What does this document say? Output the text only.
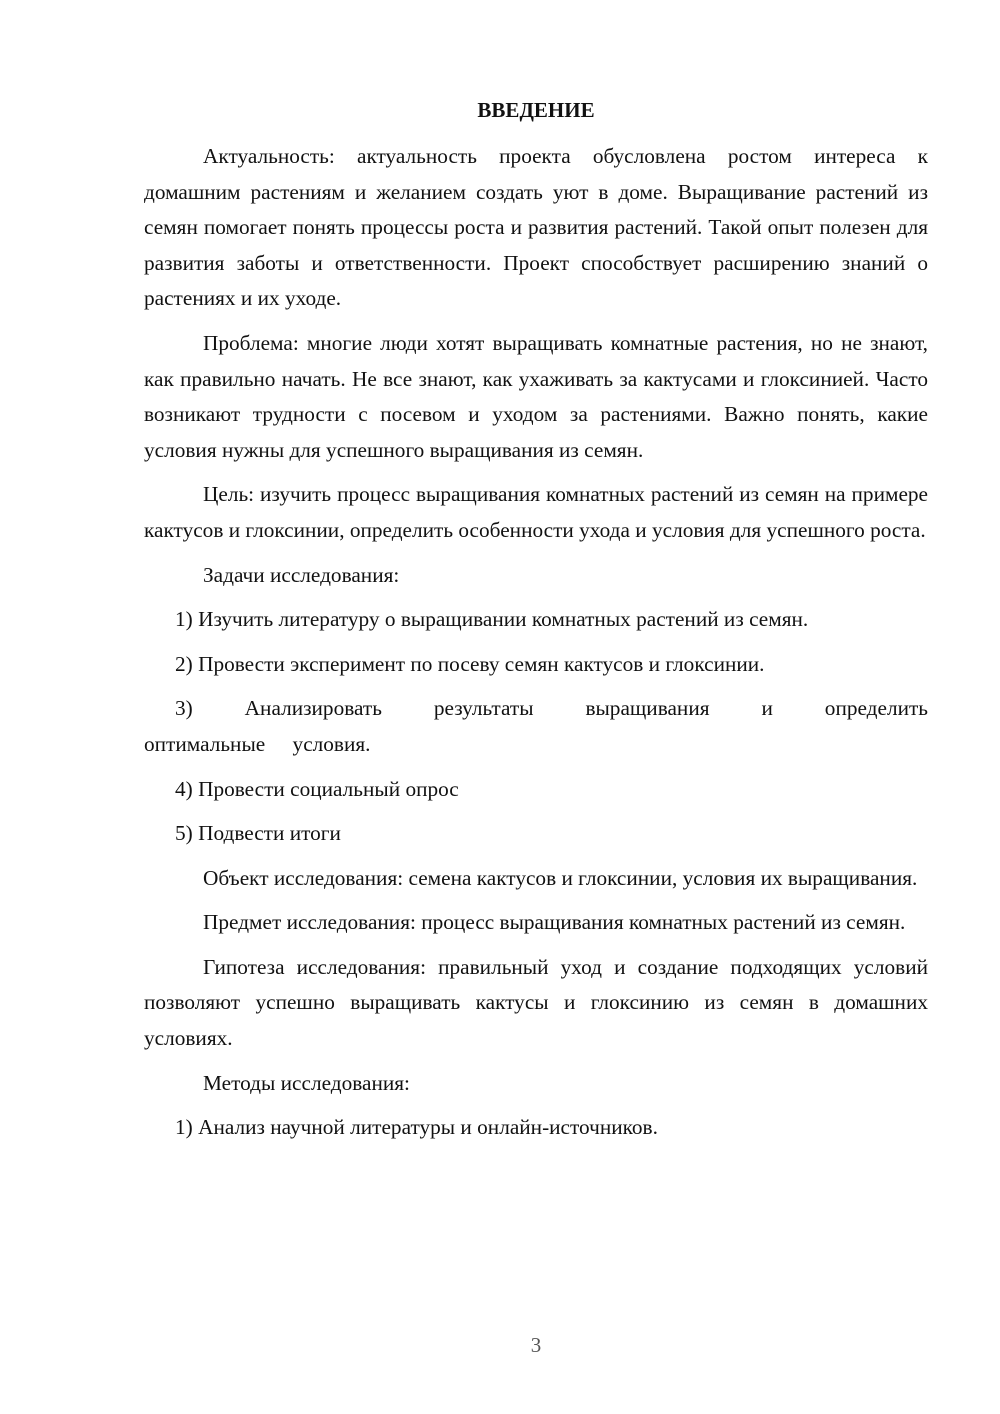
ВВЕДЕНИЕ

Актуальность: актуальность проекта обусловлена ростом интереса к домашним растениям и желанием создать уют в доме. Выращивание растений из семян помогает понять процессы роста и развития растений. Такой опыт полезен для развития заботы и ответственности. Проект способствует расширению знаний о растениях и их уходе.

Проблема: многие люди хотят выращивать комнатные растения, но не знают, как правильно начать. Не все знают, как ухаживать за кактусами и глоксинией. Часто возникают трудности с посевом и уходом за растениями. Важно понять, какие условия нужны для успешного выращивания из семян.

Цель: изучить процесс выращивания комнатных растений из семян на примере кактусов и глоксинии, определить особенности ухода и условия для успешного роста.

Задачи исследования:

1) Изучить литературу о выращивании комнатных растений из семян.

2) Провести эксперимент по посеву семян кактусов и глоксинии.

3) Анализировать результаты выращивания и определить оптимальные условия.

4) Провести социальный опрос

5) Подвести итоги

Объект исследования: семена кактусов и глоксинии, условия их выращивания.

Предмет исследования: процесс выращивания комнатных растений из семян.

Гипотеза исследования: правильный уход и создание подходящих условий позволяют успешно выращивать кактусы и глоксинию из семян в домашних условиях.

Методы исследования:

1) Анализ научной литературы и онлайн-источников.

3
